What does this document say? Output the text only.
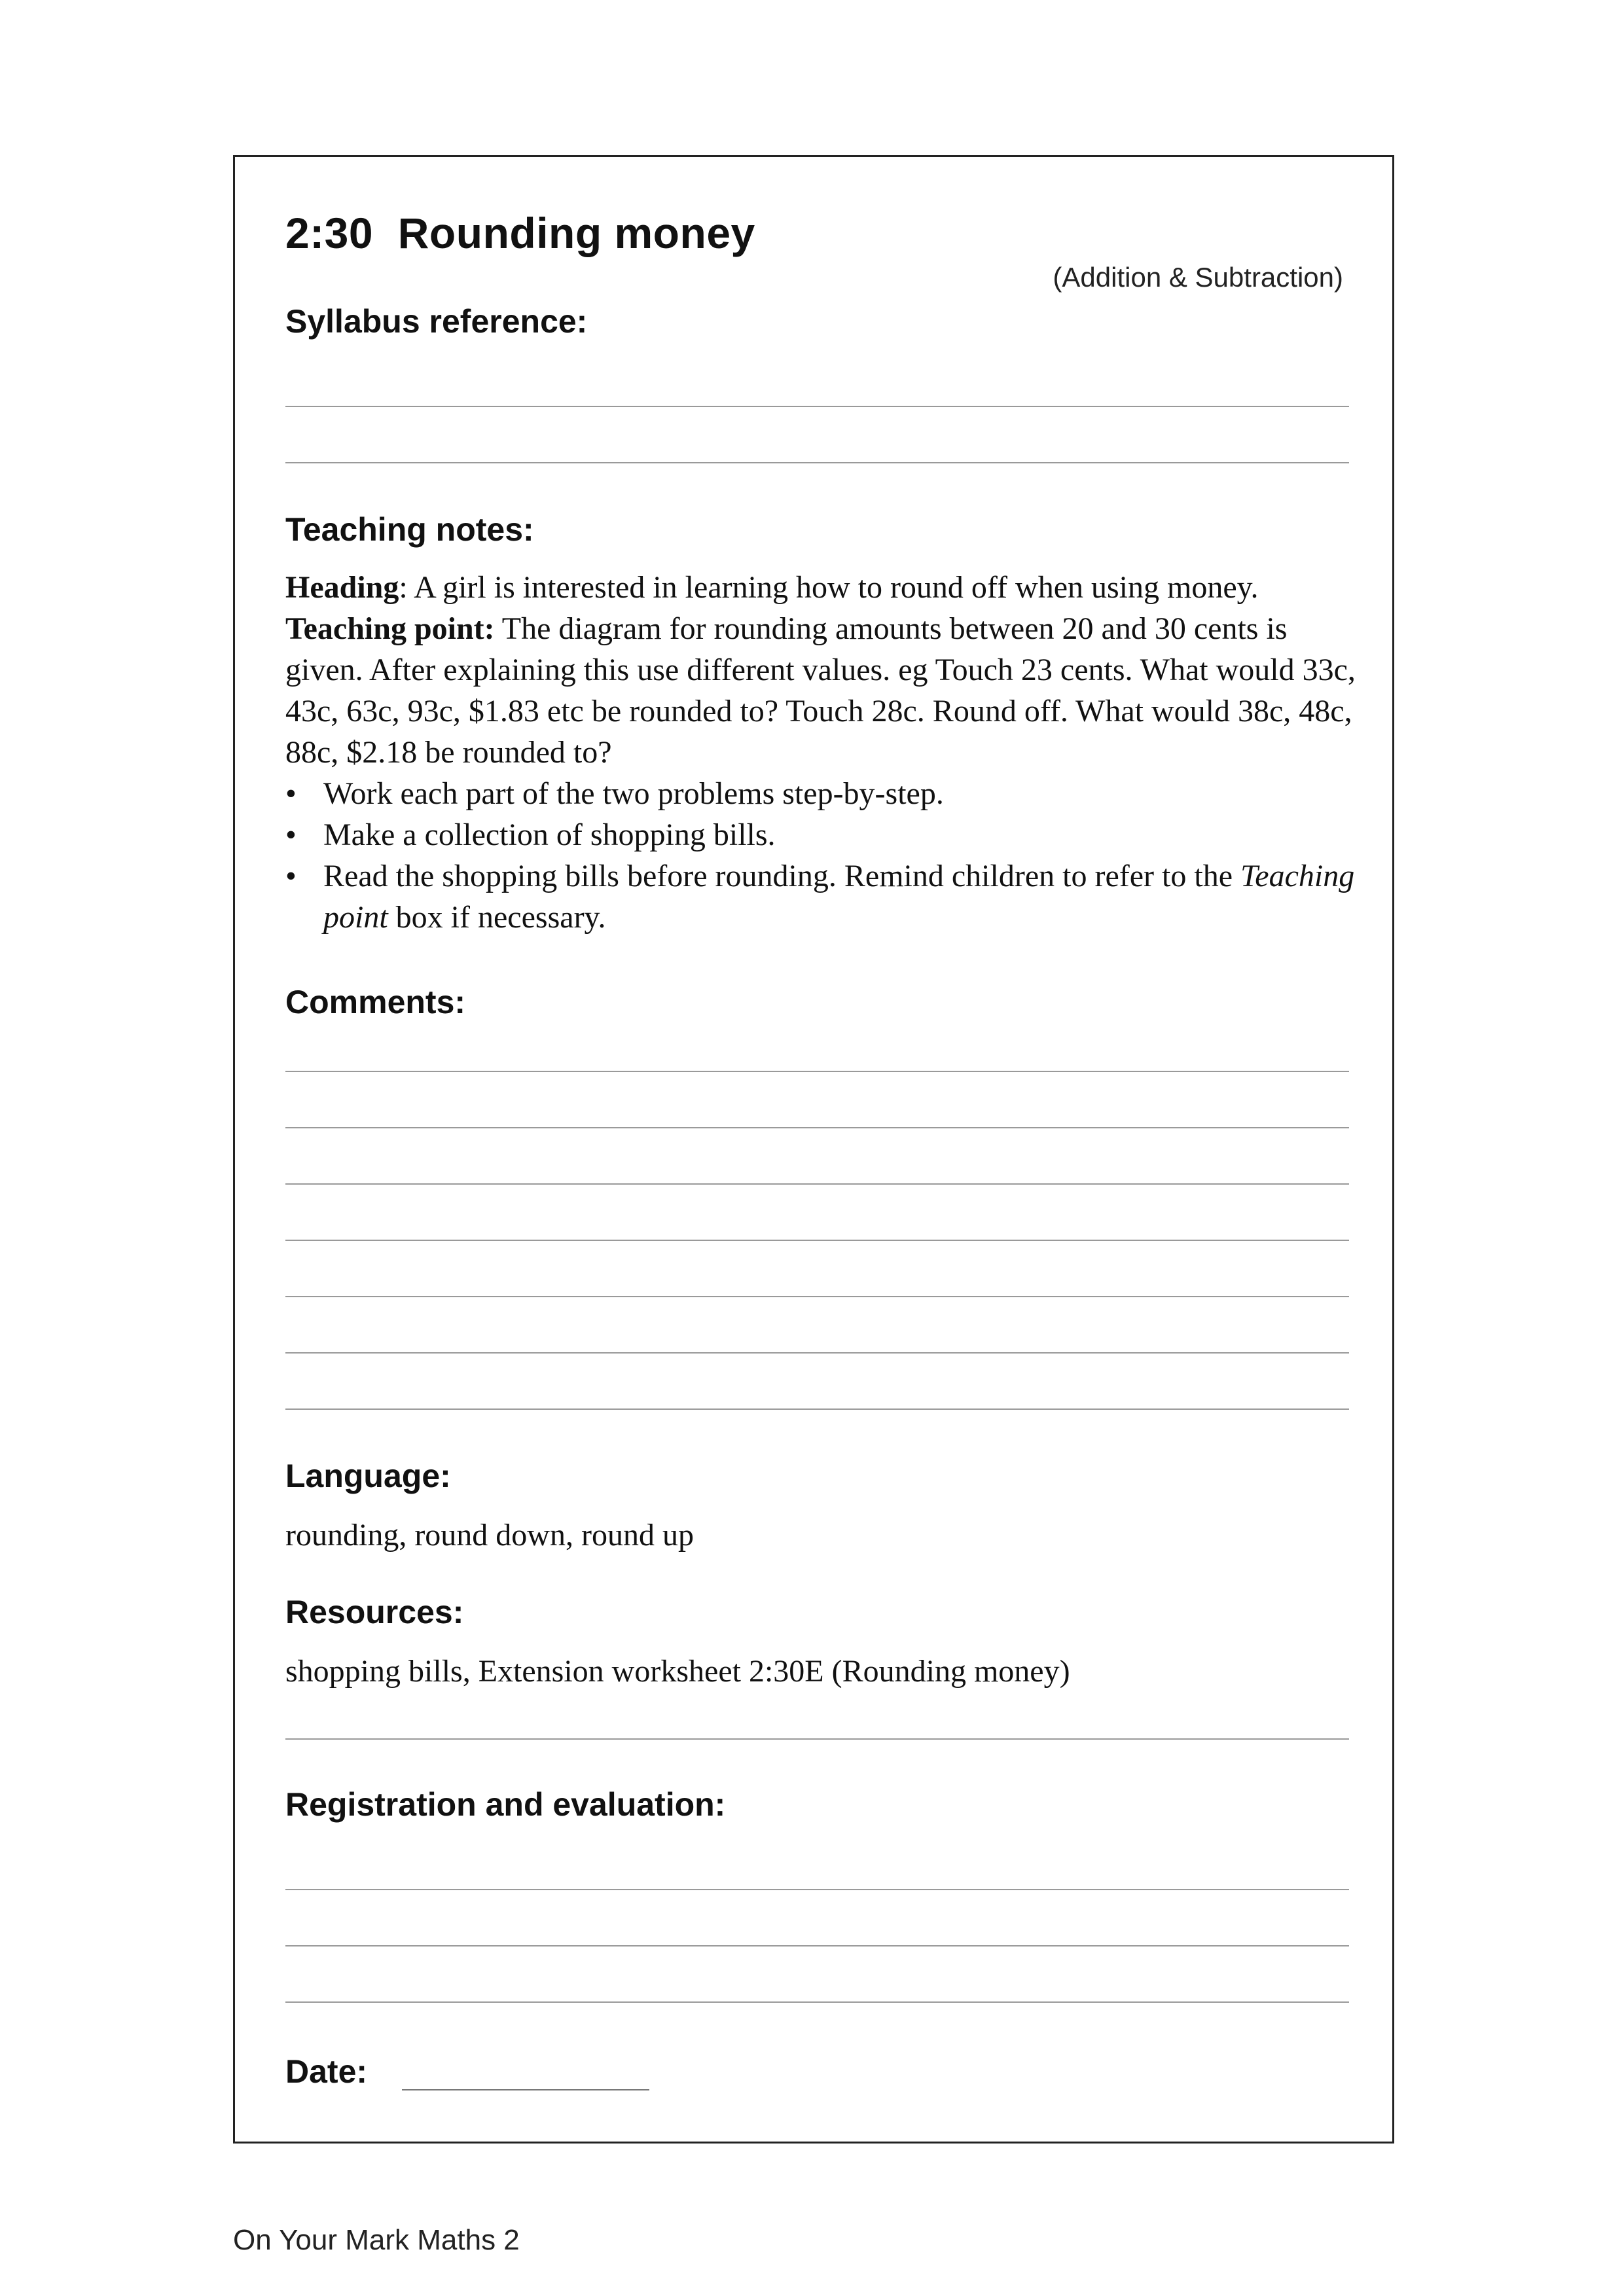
2:30  Rounding money
(Addition & Subtraction)
Syllabus reference:
Teaching notes:

Heading: A girl is interested in learning how to round off when using money.

Teaching point: The diagram for rounding amounts between 20 and 30 cents is given. After explaining this use different values. eg Touch 23 cents. What would 33c, 43c, 63c, 93c, $1.83 etc be rounded to? Touch 28c. Round off. What would 38c, 48c, 88c, $2.18 be rounded to?

• Work each part of the two problems step-by-step.
• Make a collection of shopping bills.
• Read the shopping bills before rounding. Remind children to refer to the Teaching point box if necessary.
Comments:
Language:
rounding, round down, round up
Resources:
shopping bills, Extension worksheet 2:30E (Rounding money)
Registration and evaluation:
Date:
On Your Mark Maths 2
